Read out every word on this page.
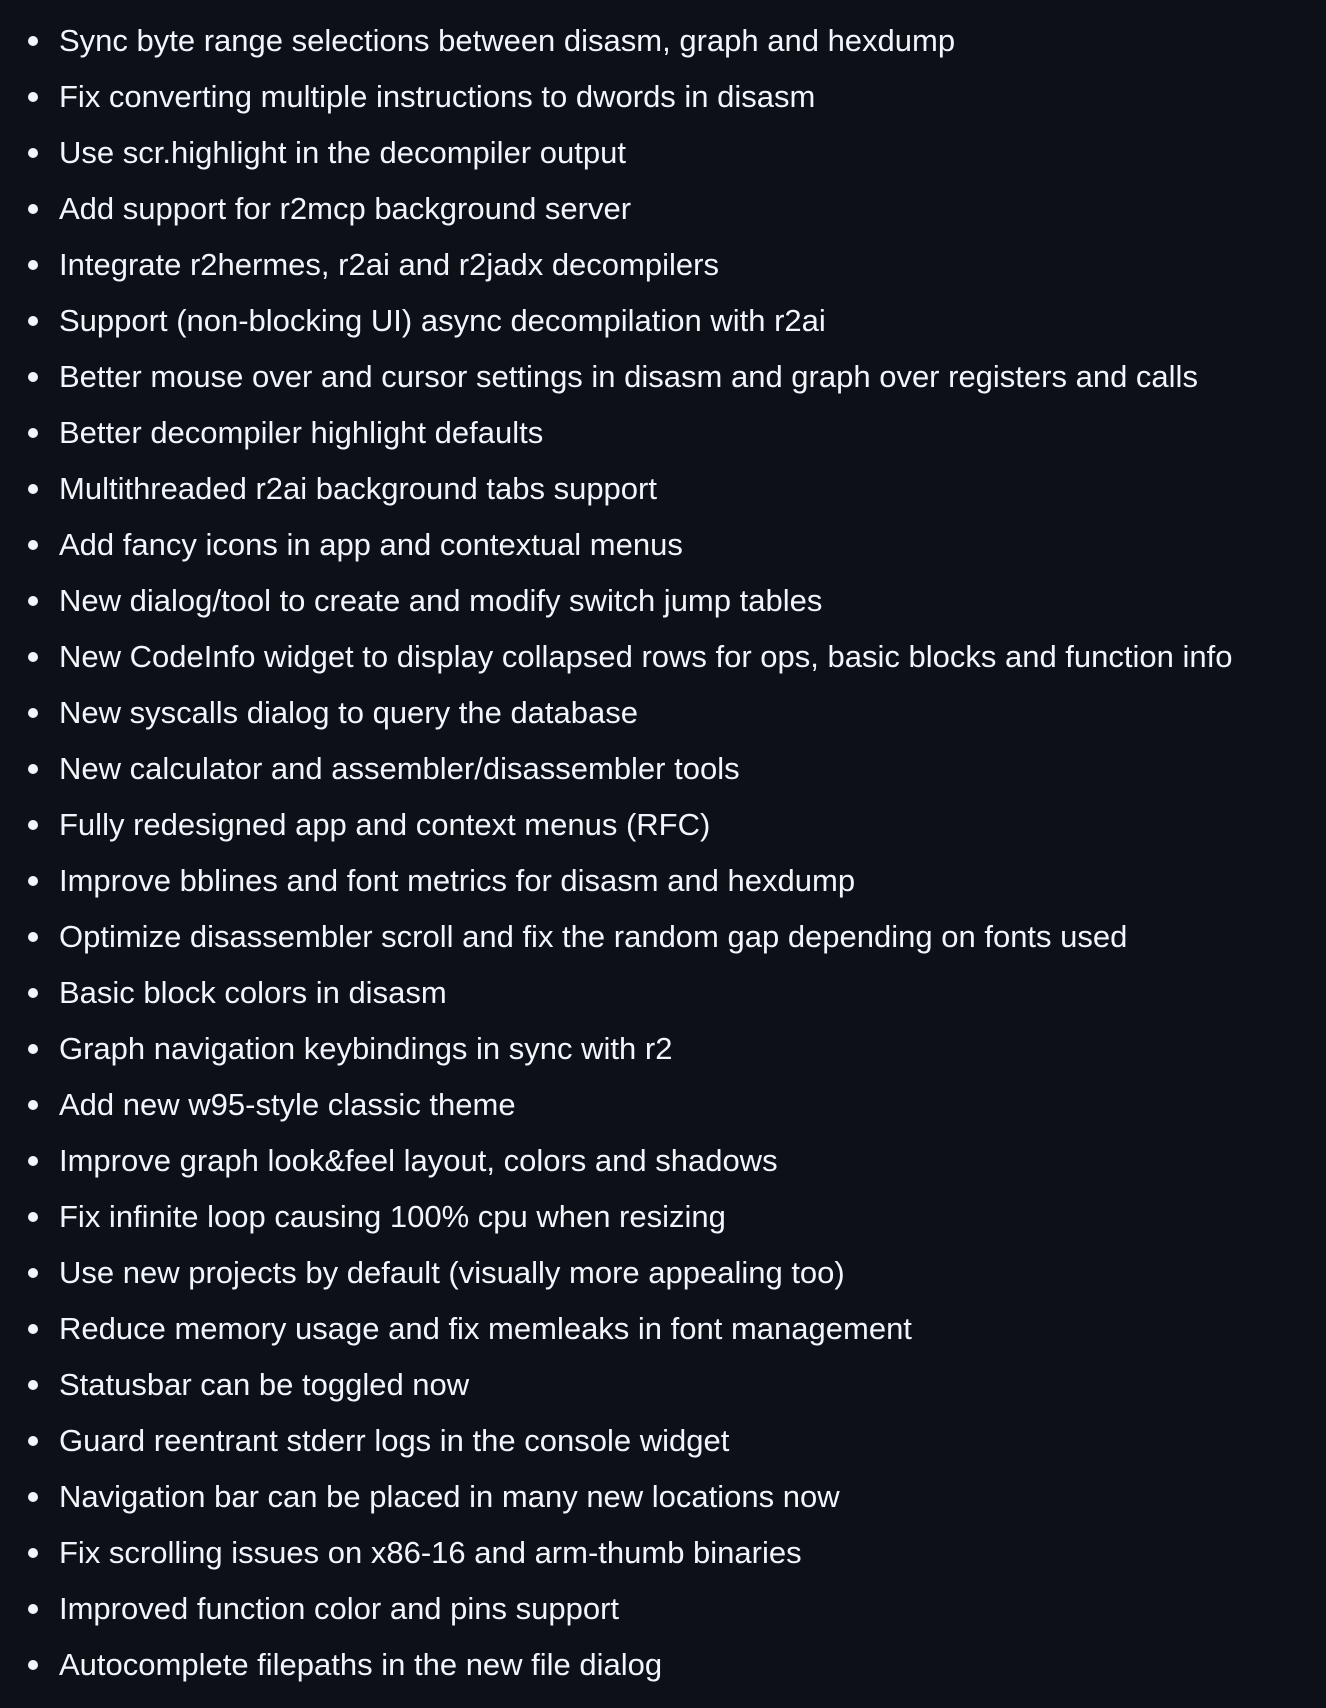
Sync byte range selections between disasm, graph and hexdump
Fix converting multiple instructions to dwords in disasm
Use scr.highlight in the decompiler output
Add support for r2mcp background server
Integrate r2hermes, r2ai and r2jadx decompilers
Support (non-blocking UI) async decompilation with r2ai
Better mouse over and cursor settings in disasm and graph over registers and calls
Better decompiler highlight defaults
Multithreaded r2ai background tabs support
Add fancy icons in app and contextual menus
New dialog/tool to create and modify switch jump tables
New CodeInfo widget to display collapsed rows for ops, basic blocks and function info
New syscalls dialog to query the database
New calculator and assembler/disassembler tools
Fully redesigned app and context menus (RFC)
Improve bblines and font metrics for disasm and hexdump
Optimize disassembler scroll and fix the random gap depending on fonts used
Basic block colors in disasm
Graph navigation keybindings in sync with r2
Add new w95-style classic theme
Improve graph look&feel layout, colors and shadows
Fix infinite loop causing 100% cpu when resizing
Use new projects by default (visually more appealing too)
Reduce memory usage and fix memleaks in font management
Statusbar can be toggled now
Guard reentrant stderr logs in the console widget
Navigation bar can be placed in many new locations now
Fix scrolling issues on x86-16 and arm-thumb binaries
Improved function color and pins support
Autocomplete filepaths in the new file dialog
